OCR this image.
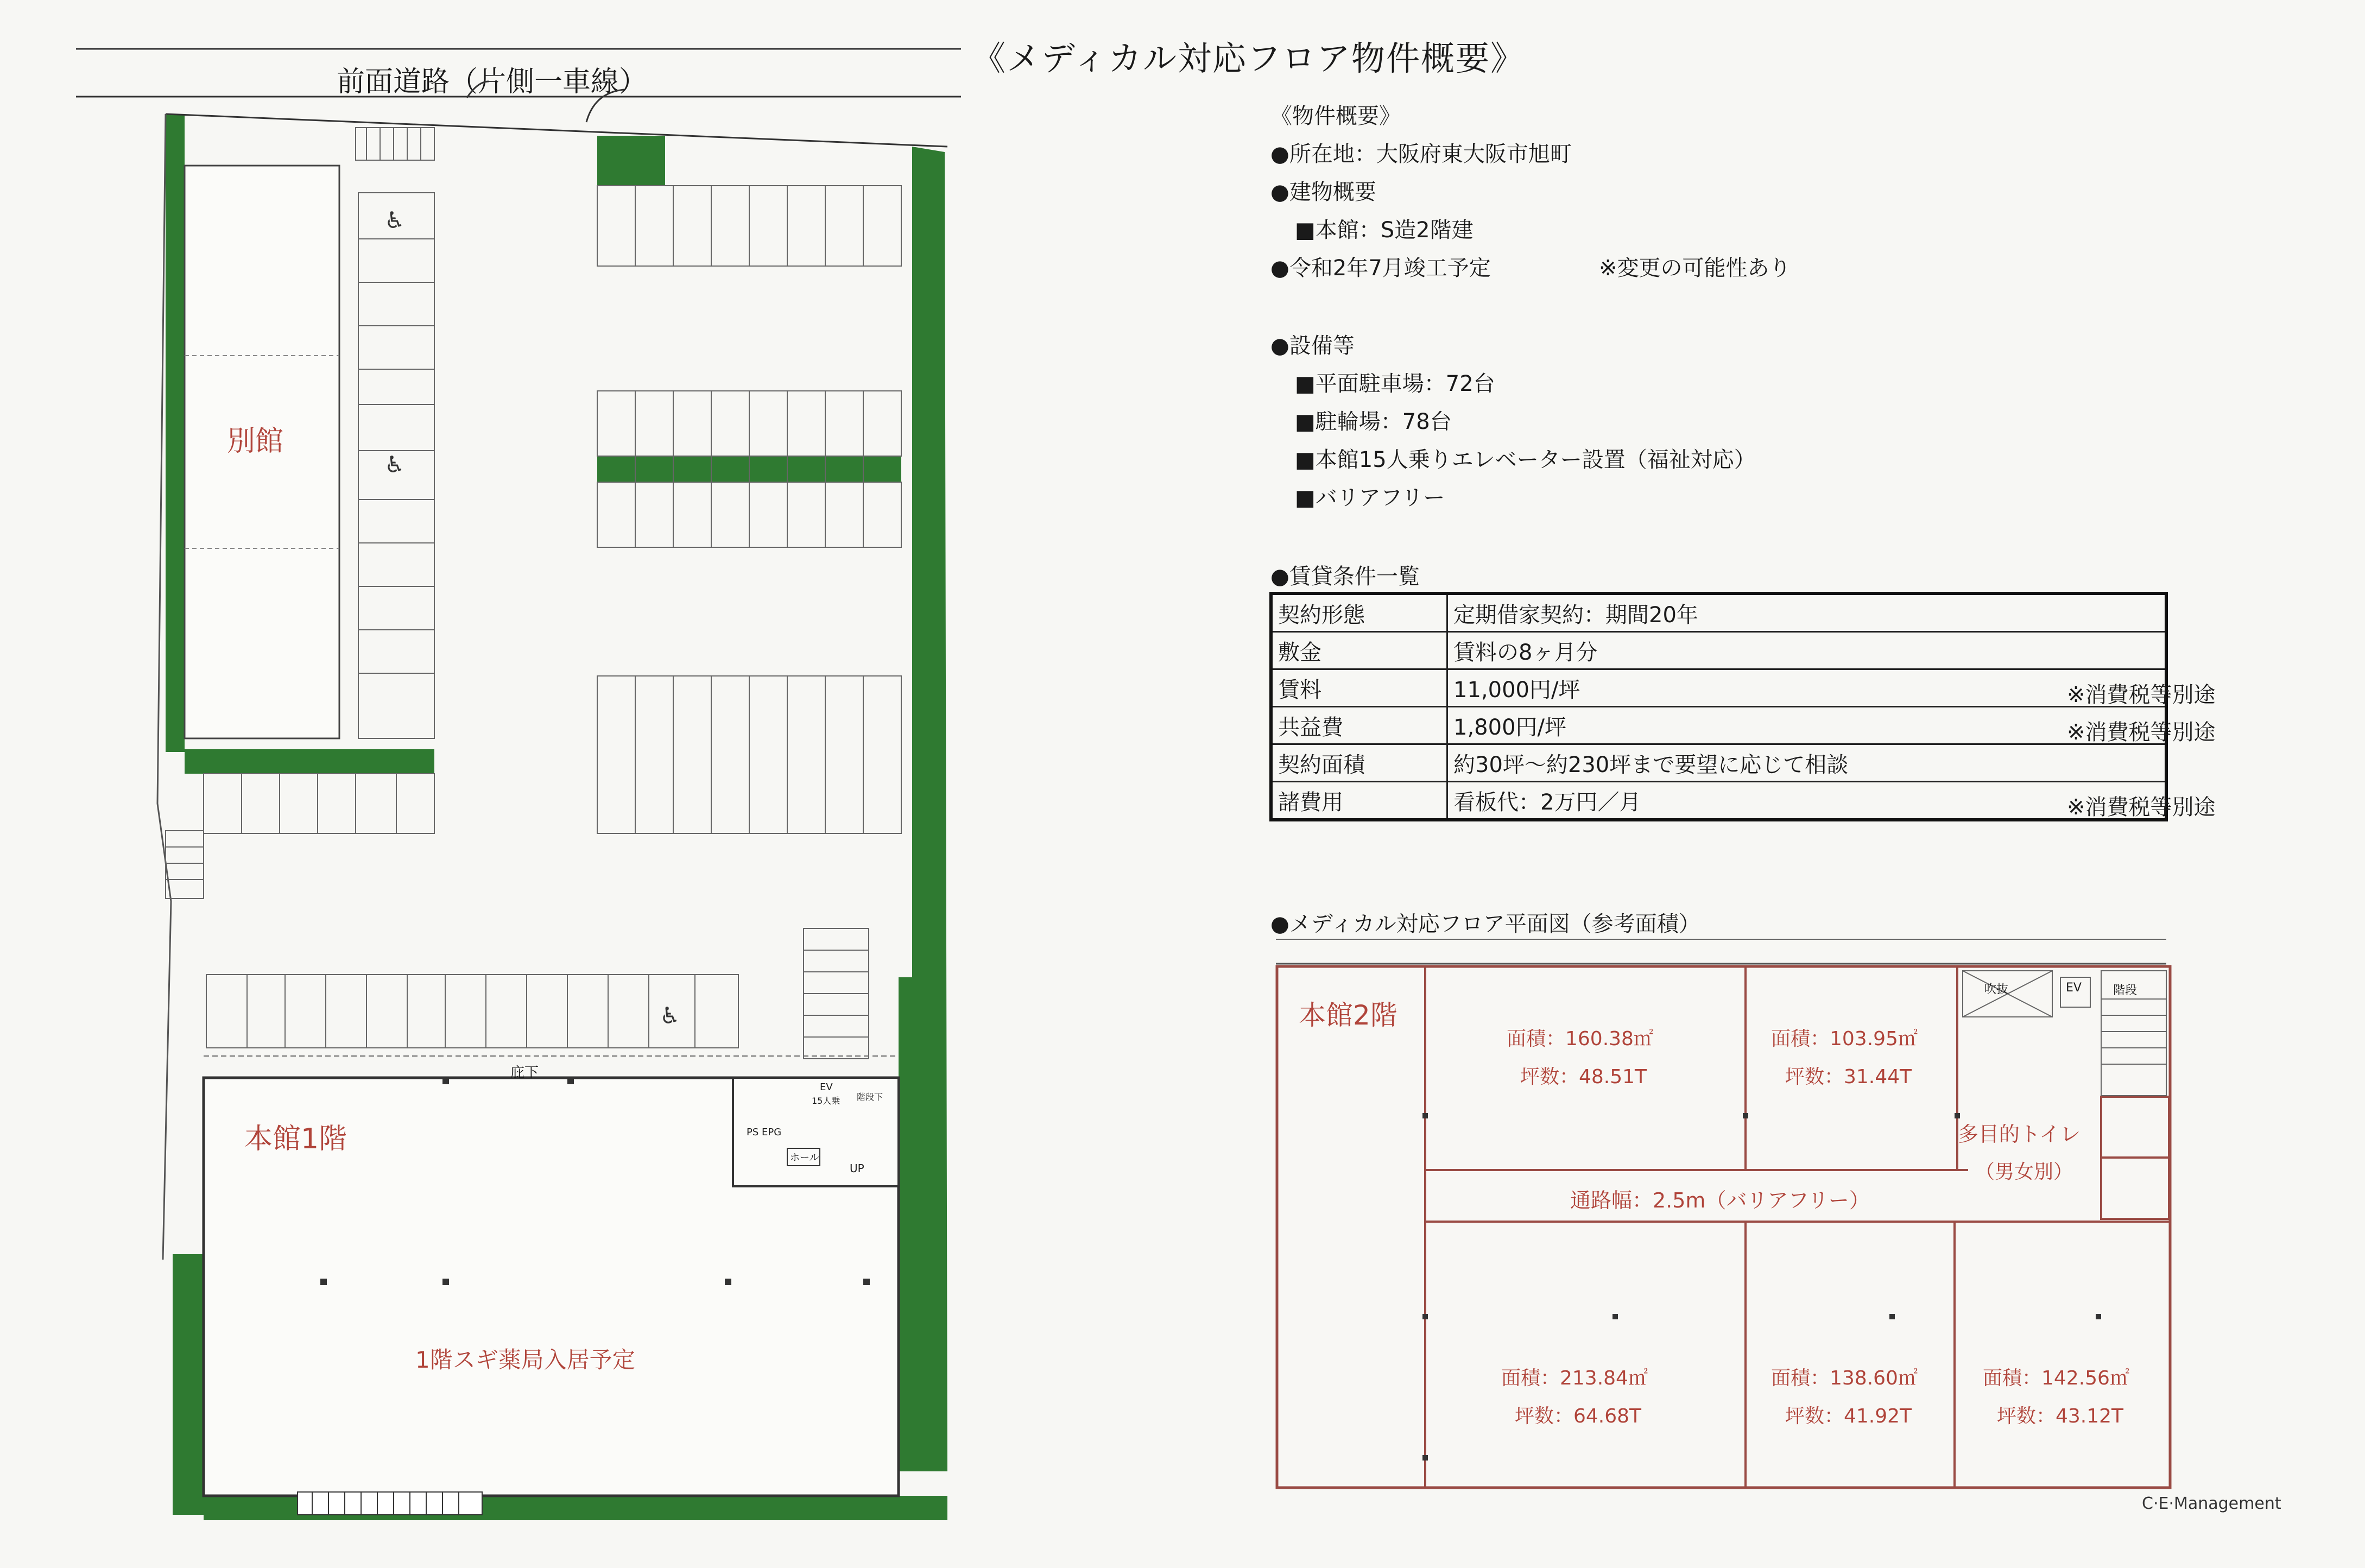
《メディカル対応フロア物件概要》
前面道路（片側一車線）
♿
♿
♿
別館
庇下
本館1階
1階スギ薬局入居予定
PS EPG
ホール
EV
15人乗 階段下
UP
《物件概要》
●所在地：大阪府東大阪市旭町
●建物概要
■本館：S造2階建
●令和2年7月竣工予定	※変更の可能性あり
●設備等
■平面駐車場：72台
■駐輪場：78台
■本館15人乗りエレベーター設置（福祉対応）
■バリアフリー
●賃貸条件一覧
契約形態	定期借家契約：期間20年

敷金	賃料の8ヶ月分

賃料	11,000円/坪 ※消費税等別途

共益費	1,800円/坪 ※消費税等別途

契約面積	約30坪～約230坪まで要望に応じて相談

諸費用	看板代：2万円／月 ※消費税等別途
●メディカル対応フロア平面図（参考面積）
本館2階
面積：160.38㎡
坪数：48.51T
面積：103.95㎡
坪数：31.44T
通路幅：2.5m（バリアフリー）
多目的トイレ
（男女別）
吹抜	EV	階段
面積：213.84㎡
坪数：64.68T
面積：138.60㎡
坪数：41.92T
面積：142.56㎡
坪数：43.12T
C·E·Management
